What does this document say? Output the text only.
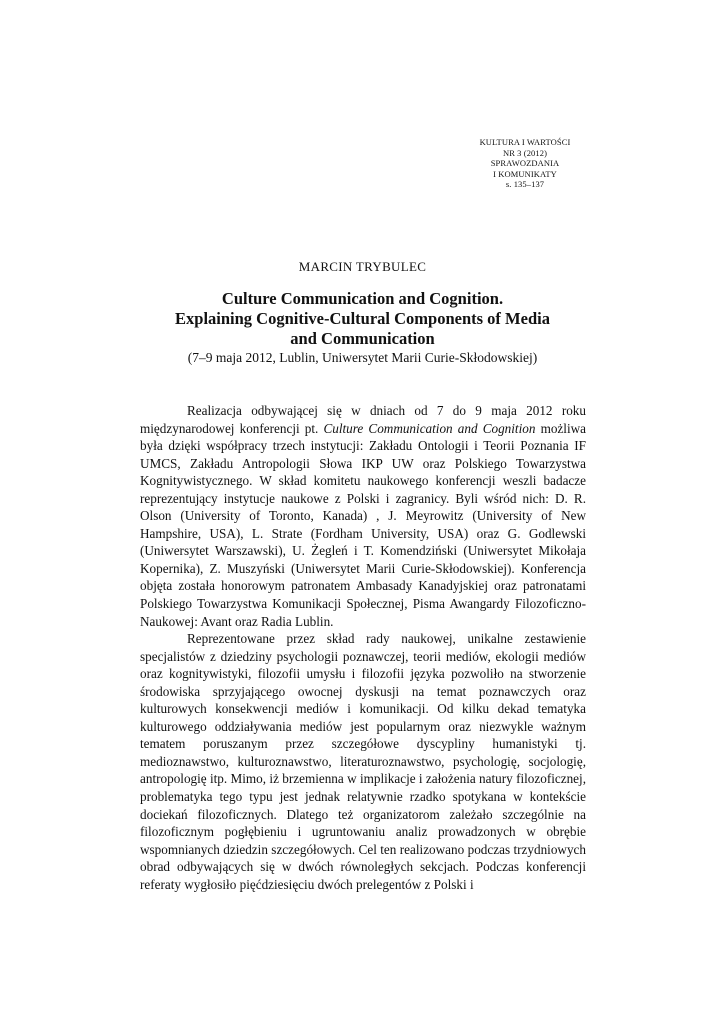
KULTURA I WARTOŚCI
NR 3 (2012)
SPRAWOZDANIA
I KOMUNIKATY
s. 135–137
MARCIN TRYBULEC
Culture Communication and Cognition.
Explaining Cognitive-Cultural Components of Media
and Communication
(7–9 maja 2012, Lublin, Uniwersytet Marii Curie-Skłodowskiej)

Realizacja odbywającej się w dniach od 7 do 9 maja 2012 roku międzynarodowej konferencji pt. Culture Communication and Cognition możliwa była dzięki współpracy trzech instytucji: Zakładu Ontologii i Teorii Poznania IF UMCS, Zakładu Antropologii Słowa IKP UW oraz Polskiego Towarzystwa Kognitywistycznego. W skład komitetu naukowego konferencji weszli badacze reprezentujący instytucje naukowe z Polski i zagranicy. Byli wśród nich: D. R. Olson (University of Toronto, Kanada) , J. Meyrowitz (University of New Hampshire, USA), L. Strate (Fordham University, USA) oraz G. Godlewski (Uniwersytet Warszawski), U. Żegleń i T. Komendziński (Uniwersytet Mikołaja Kopernika), Z. Muszyński (Uniwersytet Marii Curie-Skłodowskiej). Konferencja objęta została honorowym patronatem Ambasady Kanadyjskiej oraz patronatami Polskiego Towarzystwa Komunikacji Społecznej, Pisma Awangardy Filozoficzno-Naukowej: Avant oraz Radia Lublin.

Reprezentowane przez skład rady naukowej, unikalne zestawienie specjalistów z dziedziny psychologii poznawczej, teorii mediów, ekologii mediów oraz kognitywistyki, filozofii umysłu i filozofii języka pozwoliło na stworzenie środowiska sprzyjającego owocnej dyskusji na temat poznawczych oraz kulturowych konsekwencji mediów i komunikacji. Od kilku dekad tematyka kulturowego oddziaływania mediów jest popularnym oraz niezwykle ważnym tematem poruszanym przez szczegółowe dyscypliny humanistyki tj. medioznawstwo, kulturoznawstwo, literaturoznawstwo, psychologię, socjologię, antropologię itp. Mimo, iż brzemienna w implikacje i założenia natury filozoficznej, problematyka tego typu jest jednak relatywnie rzadko spotykana w kontekście dociekań filozoficznych. Dlatego też organizatorom zależało szczególnie na filozoficznym pogłębieniu i ugruntowaniu analiz prowadzonych w obrębie wspomnianych dziedzin szczegółowych. Cel ten realizowano podczas trzydniowych obrad odbywających się w dwóch równoległych sekcjach. Podczas konferencji referaty wygłosiło pięćdziesięciu dwóch prelegentów z Polski i
